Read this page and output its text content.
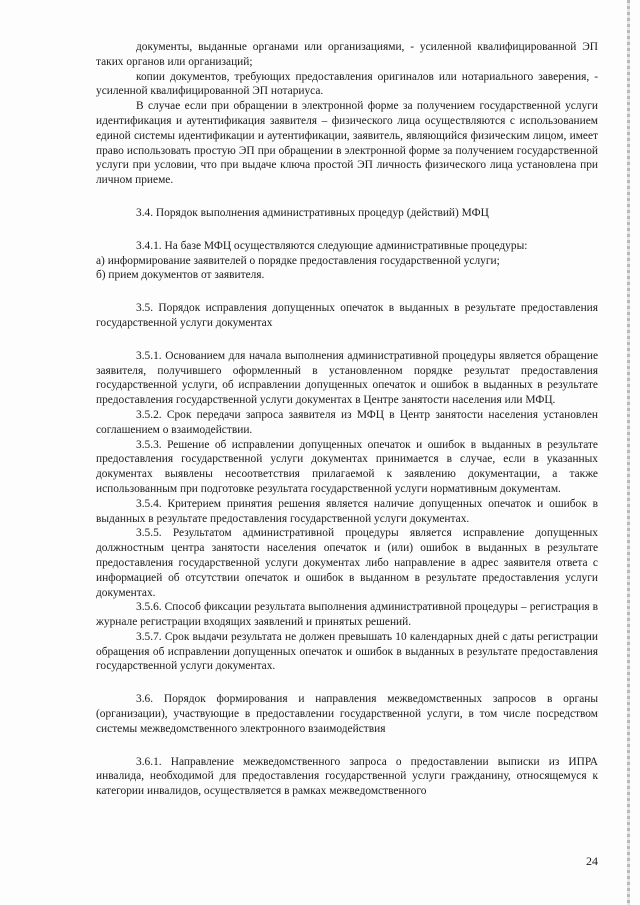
документы, выданные органами или организациями, - усиленной квалифицированной ЭП таких органов или организаций;

копии документов, требующих предоставления оригиналов или нотариального заверения, - усиленной квалифицированной ЭП нотариуса.

В случае если при обращении в электронной форме за получением государственной услуги идентификация и аутентификация заявителя – физического лица осуществляются с использованием единой системы идентификации и аутентификации, заявитель, являющийся физическим лицом, имеет право использовать простую ЭП при обращении в электронной форме за получением государственной услуги при условии, что при выдаче ключа простой ЭП личность физического лица установлена при личном приеме.

3.4. Порядок выполнения административных процедур (действий) МФЦ

3.4.1. На базе МФЦ осуществляются следующие административные процедуры:

а) информирование заявителей о порядке предоставления государственной услуги;

б) прием документов от заявителя.

3.5. Порядок исправления допущенных опечаток в выданных в результате предоставления государственной услуги документах

3.5.1. Основанием для начала выполнения административной процедуры является обращение заявителя, получившего оформленный в установленном порядке результат предоставления государственной услуги, об исправлении допущенных опечаток и ошибок в выданных в результате предоставления государственной услуги документах в Центре занятости населения или МФЦ.

3.5.2. Срок передачи запроса заявителя из МФЦ в Центр занятости населения установлен соглашением о взаимодействии.

3.5.3. Решение об исправлении допущенных опечаток и ошибок в выданных в результате предоставления государственной услуги документах принимается в случае, если в указанных документах выявлены несоответствия прилагаемой к заявлению документации, а также использованным при подготовке результата государственной услуги нормативным документам.

3.5.4. Критерием принятия решения является наличие допущенных опечаток и ошибок в выданных в результате предоставления государственной услуги документах.

3.5.5. Результатом административной процедуры является исправление допущенных должностным центра занятости населения опечаток и (или) ошибок в выданных в результате предоставления государственной услуги документах либо направление в адрес заявителя ответа с информацией об отсутствии опечаток и ошибок в выданном в результате предоставления услуги документах.

3.5.6. Способ фиксации результата выполнения административной процедуры – регистрация в журнале регистрации входящих заявлений и принятых решений.

3.5.7. Срок выдачи результата не должен превышать 10 календарных дней с даты регистрации обращения об исправлении допущенных опечаток и ошибок в выданных в результате предоставления государственной услуги документах.

3.6. Порядок формирования и направления межведомственных запросов в органы (организации), участвующие в предоставлении государственной услуги, в том числе посредством системы межведомственного электронного взаимодействия

3.6.1. Направление межведомственного запроса о предоставлении выписки из ИПРА инвалида, необходимой для предоставления государственной услуги гражданину, относящемуся к категории инвалидов, осуществляется в рамках межведомственного

24
